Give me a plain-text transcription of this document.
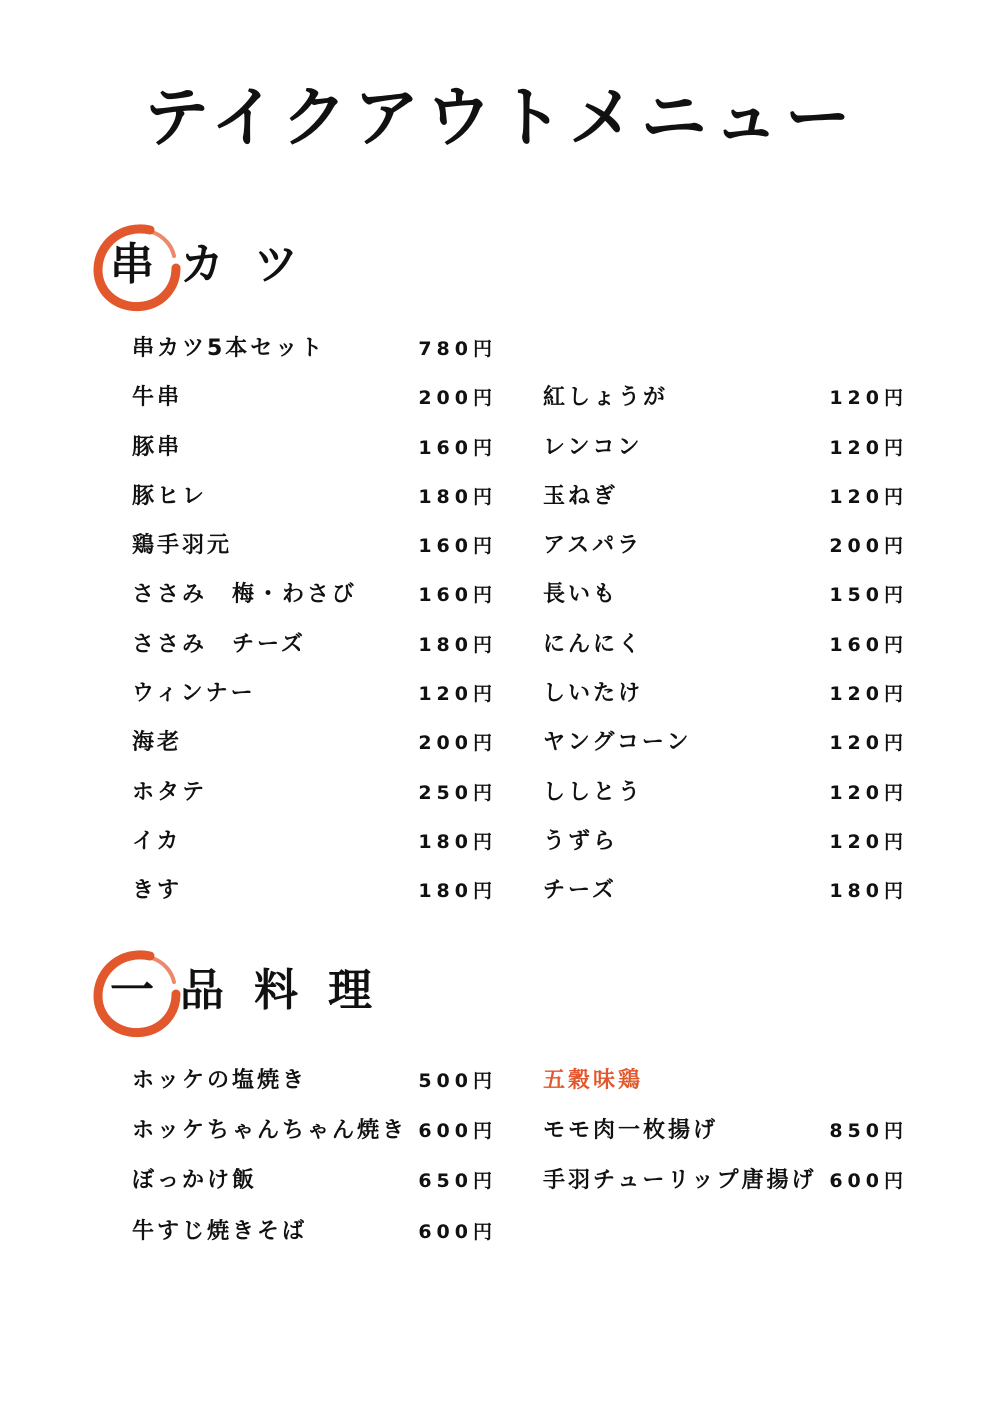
テイクアウトメニュー
串 カツ
串カツ5本セット	780円
牛串	200円
豚串	160円
豚ヒレ	180円
鶏手羽元	160円
ささみ　梅・わさび	160円
ささみ　チーズ	180円
ウィンナー	120円
海老	200円
ホタテ	250円
イカ	180円
きす	180円
紅しょうが	120円
レンコン	120円
玉ねぎ	120円
アスパラ	200円
長いも	150円
にんにく	160円
しいたけ	120円
ヤングコーン	120円
ししとう	120円
うずら	120円
チーズ	180円
一 品料理
ホッケの塩焼き	500円
ホッケちゃんちゃん焼き 600円
ぼっかけ飯	650円
牛すじ焼きそば	600円
五穀味鶏
モモ肉一枚揚げ	850円
手羽チューリップ唐揚げ 600円
